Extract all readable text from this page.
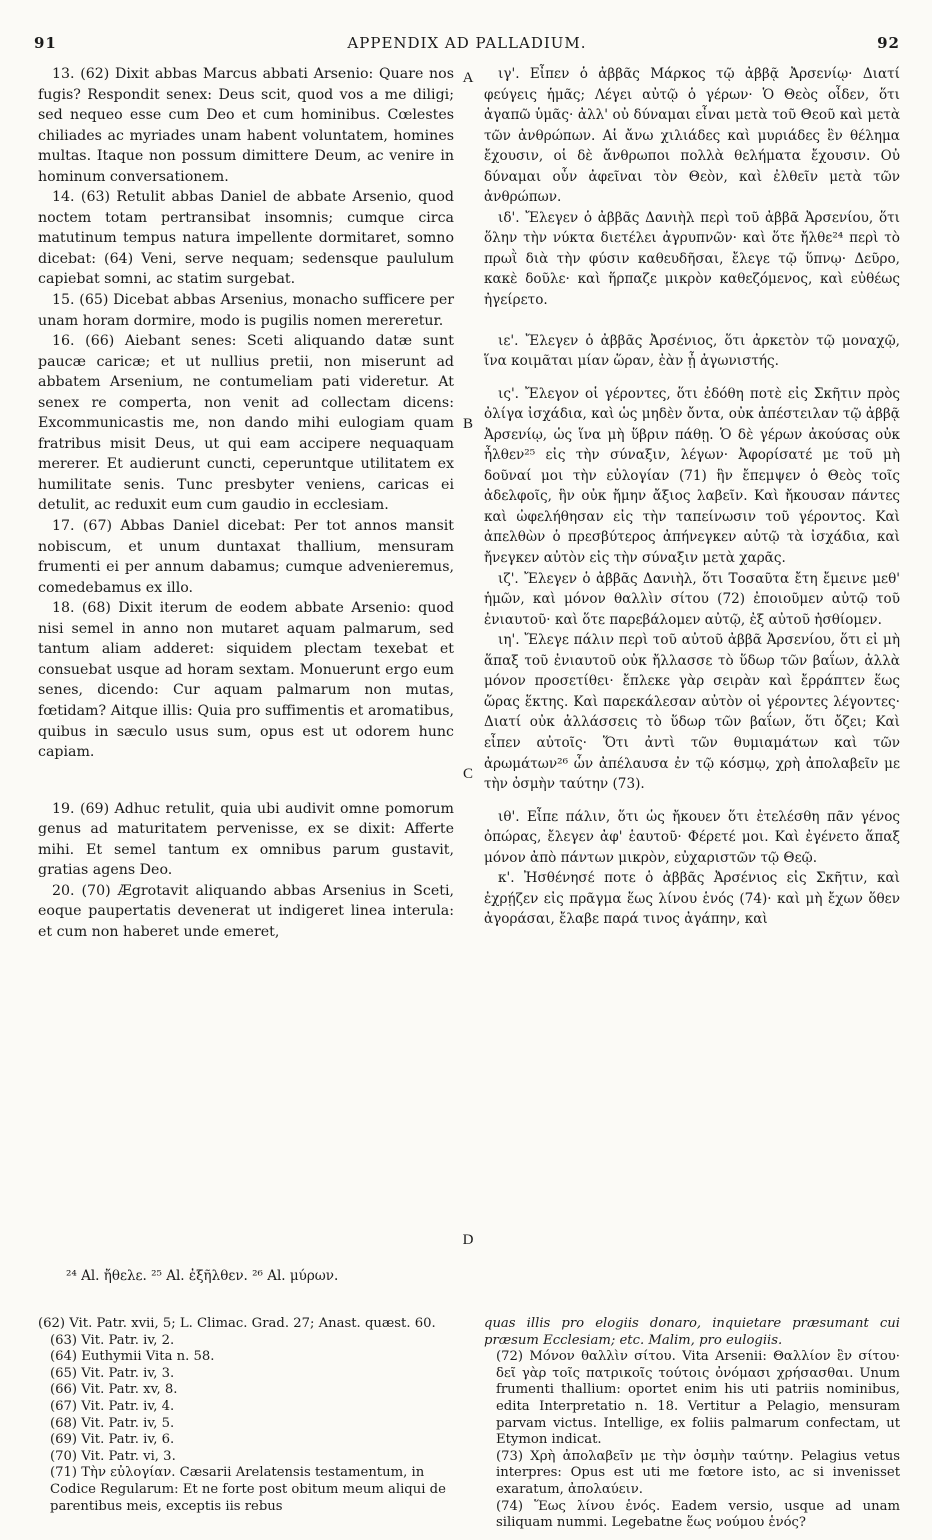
91	APPENDIX AD PALLADIUM.	92

13. (62) Dixit abbas Marcus abbati Arsenio: Quare nos fugis? Respondit senex: Deus scit, quod vos a me diligi; sed nequeo esse cum Deo et cum hominibus. Cœlestes chiliades ac myriades unam habent voluntatem, homines multas. Itaque non possum dimittere Deum, ac venire in hominum conversationem.

14. (63) Retulit abbas Daniel de abbate Arsenio, quod noctem totam pertransibat insomnis; cumque circa matutinum tempus natura impellente dormitaret, somno dicebat: (64) Veni, serve nequam; sedensque paululum capiebat somni, ac statim surgebat.

15. (65) Dicebat abbas Arsenius, monacho sufficere per unam horam dormire, modo is pugilis nomen mereretur.

16. (66) Aiebant senes: Sceti aliquando datæ sunt paucæ caricæ; et ut nullius pretii, non miserunt ad abbatem Arsenium, ne contumeliam pati videretur. At senex re comperta, non venit ad collectam dicens: Excommunicastis me, non dando mihi eulogiam quam fratribus misit Deus, ut qui eam accipere nequaquam mererer. Et audierunt cuncti, ceperuntque utilitatem ex humilitate senis. Tunc presbyter veniens, caricas ei detulit, ac reduxit eum cum gaudio in ecclesiam.

17. (67) Abbas Daniel dicebat: Per tot annos mansit nobiscum, et unum duntaxat thallium, mensuram frumenti ei per annum dabamus; cumque advenieremus, comedebamus ex illo.

18. (68) Dixit iterum de eodem abbate Arsenio: quod nisi semel in anno non mutaret aquam palmarum, sed tantum aliam adderet: siquidem plectam texebat et consuebat usque ad horam sextam. Monuerunt ergo eum senes, dicendo: Cur aquam palmarum non mutas, fœtidam? Aitque illis: Quia pro suffimentis et aromatibus, quibus in sæculo usus sum, opus est ut odorem hunc capiam.

19. (69) Adhuc retulit, quia ubi audivit omne pomorum genus ad maturitatem pervenisse, ex se dixit: Afferte mihi. Et semel tantum ex omnibus parum gustavit, gratias agens Deo.

20. (70) Ægrotavit aliquando abbas Arsenius in Sceti, eoque paupertatis devenerat ut indigeret linea interula: et cum non haberet unde emeret,

A
B
C
D

ιγ'. Εἶπεν ὁ ἀββᾶς Μάρκος τῷ ἀββᾷ Ἀρσενίῳ· Διατί φεύγεις ἡμᾶς; Λέγει αὐτῷ ὁ γέρων· Ὁ Θεὸς οἶδεν, ὅτι ἀγαπῶ ὑμᾶς· ἀλλ' οὐ δύναμαι εἶναι μετὰ τοῦ Θεοῦ καὶ μετὰ τῶν ἀνθρώπων. Αἱ ἄνω χιλιάδες καὶ μυριάδες ἓν θέλημα ἔχουσιν, οἱ δὲ ἄνθρωποι πολλὰ θελήματα ἔχουσιν. Οὐ δύναμαι οὖν ἀφεῖναι τὸν Θεὸν, καὶ ἐλθεῖν μετὰ τῶν ἀνθρώπων.

ιδ'. Ἔλεγεν ὁ ἀββᾶς Δανιὴλ περὶ τοῦ ἀββᾶ Ἀρσενίου, ὅτι ὅλην τὴν νύκτα διετέλει ἀγρυπνῶν· καὶ ὅτε ἤλθε²⁴ περὶ τὸ πρωῒ διὰ τὴν φύσιν καθευδῆσαι, ἔλεγε τῷ ὕπνῳ· Δεῦρο, κακὲ δοῦλε· καὶ ἥρπαζε μικρὸν καθεζόμενος, καὶ εὐθέως ἠγείρετο.

ιε'. Ἔλεγεν ὁ ἀββᾶς Ἀρσένιος, ὅτι ἀρκετὸν τῷ μοναχῷ, ἵνα κοιμᾶται μίαν ὥραν, ἐὰν ᾖ ἀγωνιστής.

ις'. Ἔλεγον οἱ γέροντες, ὅτι ἐδόθη ποτὲ εἰς Σκῆτιν πρὸς ὀλίγα ἰσχάδια, καὶ ὡς μηδὲν ὄντα, οὐκ ἀπέστειλαν τῷ ἀββᾷ Ἀρσενίῳ, ὡς ἵνα μὴ ὕβριν πάθῃ. Ὁ δὲ γέρων ἀκούσας οὐκ ἦλθεν²⁵ εἰς τὴν σύναξιν, λέγων· Ἀφορίσατέ με τοῦ μὴ δοῦναί μοι τὴν εὐλογίαν (71) ἣν ἔπεμψεν ὁ Θεὸς τοῖς ἀδελφοῖς, ἣν οὐκ ἤμην ἄξιος λαβεῖν. Καὶ ἤκουσαν πάντες καὶ ὠφελήθησαν εἰς τὴν ταπείνωσιν τοῦ γέροντος. Καὶ ἀπελθὼν ὁ πρεσβύτερος ἀπήνεγκεν αὐτῷ τὰ ἰσχάδια, καὶ ἤνεγκεν αὐτὸν εἰς τὴν σύναξιν μετὰ χαρᾶς.

ιζ'. Ἔλεγεν ὁ ἀββᾶς Δανιὴλ, ὅτι Τοσαῦτα ἔτη ἔμεινε μεθ' ἡμῶν, καὶ μόνον θαλλὶν σίτου (72) ἐποιοῦμεν αὐτῷ τοῦ ἐνιαυτοῦ· καὶ ὅτε παρεβάλομεν αὐτῷ, ἐξ αὐτοῦ ἠσθίομεν.

ιη'. Ἔλεγε πάλιν περὶ τοῦ αὐτοῦ ἀββᾶ Ἀρσενίου, ὅτι εἰ μὴ ἅπαξ τοῦ ἐνιαυτοῦ οὐκ ἤλλασσε τὸ ὕδωρ τῶν βαΐων, ἀλλὰ μόνον προσετίθει· ἔπλεκε γὰρ σειρὰν καὶ ἔρράπτεν ἕως ὥρας ἕκτης. Καὶ παρεκάλεσαν αὐτὸν οἱ γέροντες λέγοντες· Διατί οὐκ ἀλλάσσεις τὸ ὕδωρ τῶν βαΐων, ὅτι ὄζει; Καὶ εἶπεν αὐτοῖς· Ὅτι ἀντὶ τῶν θυμιαμάτων καὶ τῶν ἀρωμάτων²⁶ ὧν ἀπέλαυσα ἐν τῷ κόσμῳ, χρὴ ἀπολαβεῖν με τὴν ὀσμὴν ταύτην (73).

ιθ'. Εἶπε πάλιν, ὅτι ὡς ἤκουεν ὅτι ἐτελέσθη πᾶν γένος ὀπώρας, ἔλεγεν ἀφ' ἑαυτοῦ· Φέρετέ μοι. Καὶ ἐγένετο ἅπαξ μόνον ἀπὸ πάντων μικρὸν, εὐχαριστῶν τῷ Θεῷ.

κ'. Ἠσθένησέ ποτε ὁ ἀββᾶς Ἀρσένιος εἰς Σκῆτιν, καὶ ἐχρῄζεν εἰς πρᾶγμα ἕως λίνου ἑνός (74)· καὶ μὴ ἔχων ὅθεν ἀγοράσαι, ἔλαβε παρά τινος ἀγάπην, καὶ

²⁴ Al. ἤθελε. ²⁵ Al. ἐξῆλθεν. ²⁶ Al. μύρων.

(62) Vit. Patr. xvii, 5; L. Climac. Grad. 27; Anast. quæst. 60.

(63) Vit. Patr. iv, 2.

(64) Euthymii Vita n. 58.

(65) Vit. Patr. iv, 3.

(66) Vit. Patr. xv, 8.

(67) Vit. Patr. iv, 4.

(68) Vit. Patr. iv, 5.

(69) Vit. Patr. iv, 6.

(70) Vit. Patr. vi, 3.

(71) Τὴν εὐλογίαν. Cæsarii Arelatensis testamentum, in Codice Regularum: Et ne forte post obitum meum aliqui de parentibus meis, exceptis iis rebus

quas illis pro elogiis donaro, inquietare præsumant cui præsum Ecclesiam; etc. Malim, pro eulogiis.

(72) Μόνον θαλλὶν σίτου. Vita Arsenii: Θαλλίον ἓν σίτου· δεῖ γὰρ τοῖς πατρικοῖς τούτοις ὀνόμασι χρήσασθαι. Unum frumenti thallium: oportet enim his uti patriis nominibus, edita Interpretatio n. 18. Vertitur a Pelagio, mensuram parvam victus. Intellige, ex foliis palmarum confectam, ut Etymon indicat.

(73) Χρὴ ἀπολαβεῖν με τὴν ὀσμὴν ταύτην. Pelagius vetus interpres: Opus est uti me fœtore isto, ac si invenisset exaratum, ἀπολαύειν.

(74) Ἕως λίνου ἑνός. Eadem versio, usque ad unam siliquam nummi. Legebatne ἕως νούμου ἑνός?
